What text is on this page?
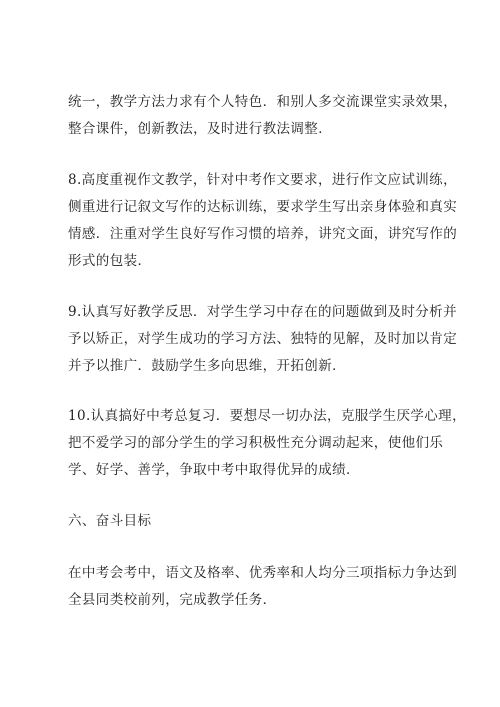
统一，教学方法力求有个人特色．和别人多交流课堂实录效果，
整合课件，创新教法，及时进行教法调整．

8.高度重视作文教学，针对中考作文要求，进行作文应试训练，
侧重进行记叙文写作的达标训练，要求学生写出亲身体验和真实
情感．注重对学生良好写作习惯的培养，讲究文面，讲究写作的
形式的包装．

9.认真写好教学反思．对学生学习中存在的问题做到及时分析并
予以矫正，对学生成功的学习方法、独特的见解，及时加以肯定
并予以推广．鼓励学生多向思维，开拓创新．

10.认真搞好中考总复习．要想尽一切办法，克服学生厌学心理，
把不爱学习的部分学生的学习积极性充分调动起来，使他们乐
学、好学、善学，争取中考中取得优异的成绩．

六、奋斗目标

在中考会考中，语文及格率、优秀率和人均分三项指标力争达到
全县同类校前列，完成教学任务．
